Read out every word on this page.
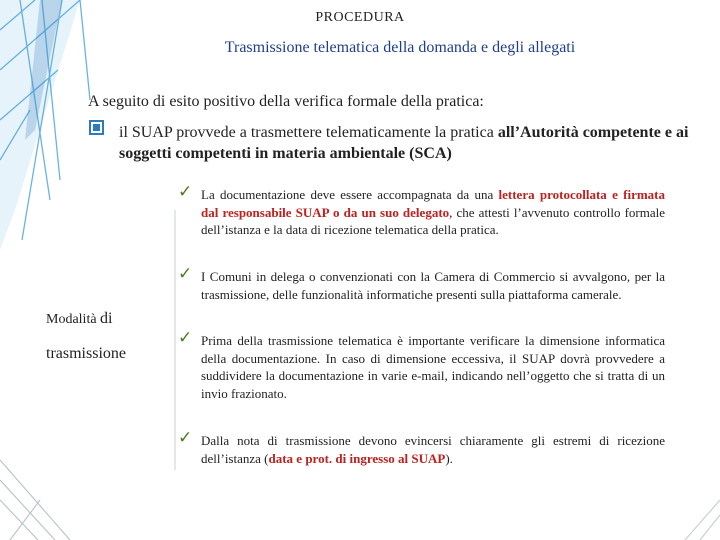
PROCEDURA
Trasmissione telematica della domanda e degli allegati
A seguito di esito positivo della verifica formale della pratica:
il SUAP provvede a trasmettere telematicamente la pratica all’Autorità competente e ai soggetti competenti in materia ambientale (SCA)
Modalità di
trasmissione
✓ La documentazione deve essere accompagnata da una lettera protocollata e firmata dal responsabile SUAP o da un suo delegato, che attesti l’avvenuto controllo formale dell’istanza e la data di ricezione telematica della pratica.
✓ I Comuni in delega o convenzionati con la Camera di Commercio si avvalgono, per la trasmissione, delle funzionalità informatiche presenti sulla piattaforma camerale.
✓ Prima della trasmissione telematica è importante verificare la dimensione informatica della documentazione. In caso di dimensione eccessiva, il SUAP dovrà provvedere a suddividere la documentazione in varie e-mail, indicando nell’oggetto che si tratta di un invio frazionato.
✓ Dalla nota di trasmissione devono evincersi chiaramente gli estremi di ricezione dell’istanza (data e prot. di ingresso al SUAP).
